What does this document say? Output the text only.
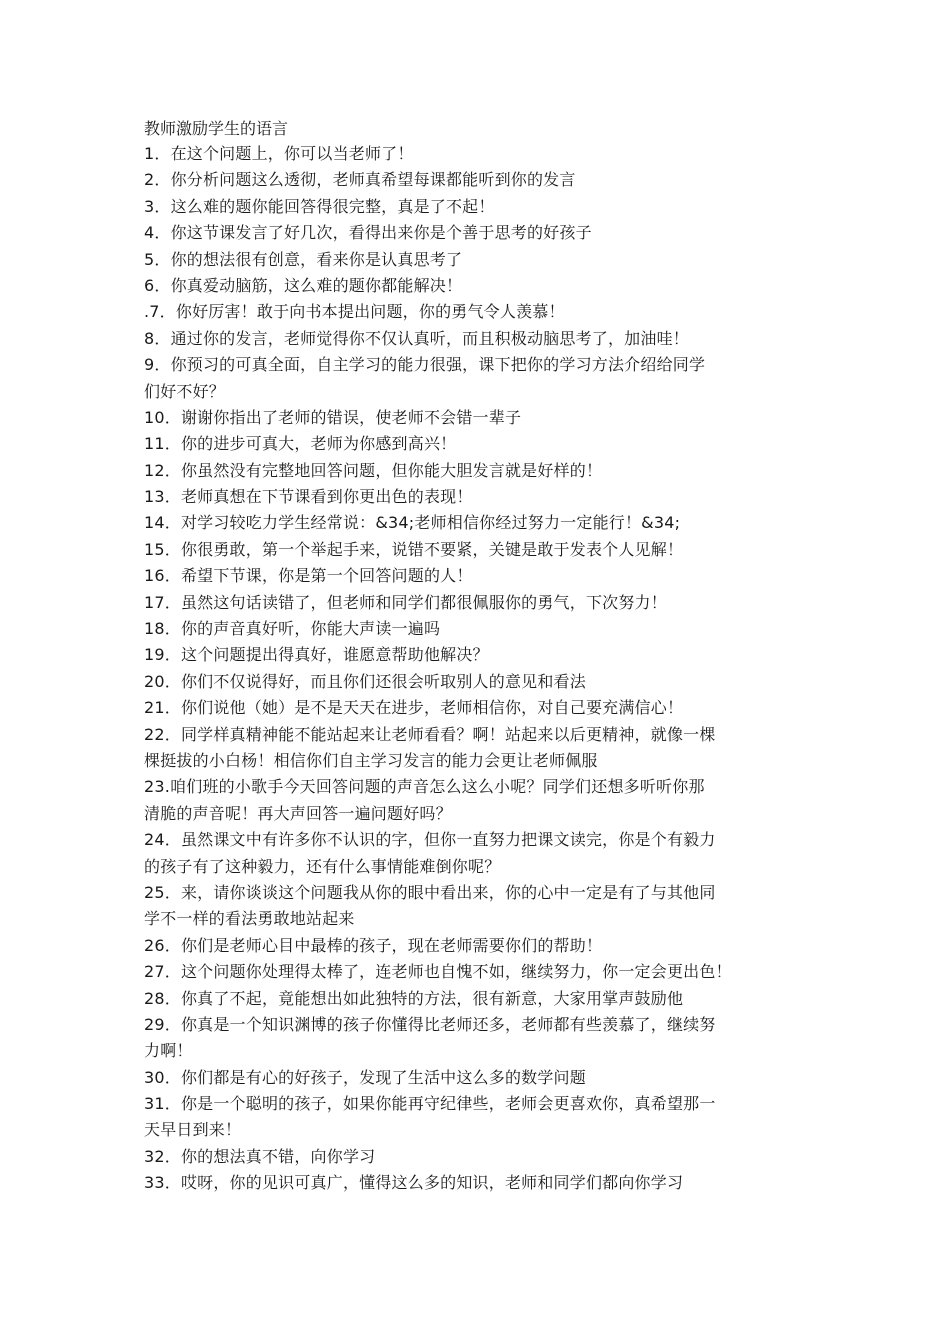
教师激励学生的语言
1．在这个问题上，你可以当老师了！
2．你分析问题这么透彻，老师真希望每课都能听到你的发言
3．这么难的题你能回答得很完整，真是了不起！
4．你这节课发言了好几次，看得出来你是个善于思考的好孩子
5．你的想法很有创意，看来你是认真思考了
6．你真爱动脑筋，这么难的题你都能解决！
.7．你好厉害！敢于向书本提出问题，你的勇气令人羡慕！
8．通过你的发言，老师觉得你不仅认真听，而且积极动脑思考了，加油哇！
9．你预习的可真全面，自主学习的能力很强，课下把你的学习方法介绍给同学
们好不好？
10．谢谢你指出了老师的错误，使老师不会错一辈子
11．你的进步可真大，老师为你感到高兴！
12．你虽然没有完整地回答问题，但你能大胆发言就是好样的！
13．老师真想在下节课看到你更出色的表现！
14．对学习较吃力学生经常说：&34;老师相信你经过努力一定能行！&34;
15．你很勇敢，第一个举起手来，说错不要紧，关键是敢于发表个人见解！
16．希望下节课，你是第一个回答问题的人！
17．虽然这句话读错了，但老师和同学们都很佩服你的勇气，下次努力！
18．你的声音真好听，你能大声读一遍吗
19．这个问题提出得真好，谁愿意帮助他解决？
20．你们不仅说得好，而且你们还很会听取别人的意见和看法
21．你们说他（她）是不是天天在进步，老师相信你，对自己要充满信心！
22．同学样真精神能不能站起来让老师看看？啊！站起来以后更精神，就像一棵
棵挺拔的小白杨！相信你们自主学习发言的能力会更让老师佩服
23.咱们班的小歌手今天回答问题的声音怎么这么小呢？同学们还想多听听你那
清脆的声音呢！再大声回答一遍问题好吗？
24．虽然课文中有许多你不认识的字，但你一直努力把课文读完，你是个有毅力
的孩子有了这种毅力，还有什么事情能难倒你呢？
25．来，请你谈谈这个问题我从你的眼中看出来，你的心中一定是有了与其他同
学不一样的看法勇敢地站起来
26．你们是老师心目中最棒的孩子，现在老师需要你们的帮助！
27．这个问题你处理得太棒了，连老师也自愧不如，继续努力，你一定会更出色！
28．你真了不起，竟能想出如此独特的方法，很有新意，大家用掌声鼓励他
29．你真是一个知识渊博的孩子你懂得比老师还多，老师都有些羡慕了，继续努
力啊！
30．你们都是有心的好孩子，发现了生活中这么多的数学问题
31．你是一个聪明的孩子，如果你能再守纪律些，老师会更喜欢你，真希望那一
天早日到来！
32．你的想法真不错，向你学习
33．哎呀，你的见识可真广，懂得这么多的知识，老师和同学们都向你学习
